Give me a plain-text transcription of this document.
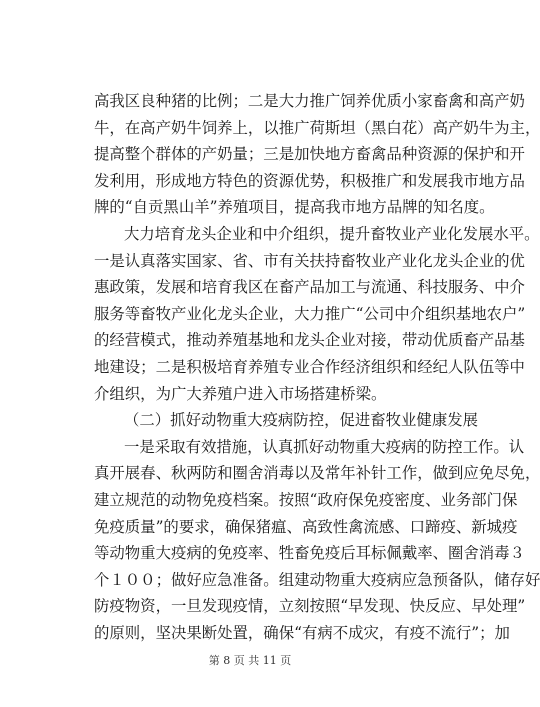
高我区良种猪的比例；二是大力推广饲养优质小家畜禽和高产奶
牛，在高产奶牛饲养上，以推广荷斯坦（黑白花）高产奶牛为主，
提高整个群体的产奶量；三是加快地方畜禽品种资源的保护和开
发利用，形成地方特色的资源优势，积极推广和发展我市地方品
牌的“自贡黑山羊”养殖项目，提高我市地方品牌的知名度。
大力培育龙头企业和中介组织，提升畜牧业产业化发展水平。
一是认真落实国家、省、市有关扶持畜牧业产业化龙头企业的优
惠政策，发展和培育我区在畜产品加工与流通、科技服务、中介
服务等畜牧产业化龙头企业，大力推广“公司中介组织基地农户”
的经营模式，推动养殖基地和龙头企业对接，带动优质畜产品基
地建设；二是积极培育养殖专业合作经济组织和经纪人队伍等中
介组织，为广大养殖户进入市场搭建桥梁。
（二）抓好动物重大疫病防控，促进畜牧业健康发展
一是采取有效措施，认真抓好动物重大疫病的防控工作。认
真开展春、秋两防和圈舍消毒以及常年补针工作，做到应免尽免，
建立规范的动物免疫档案。按照“政府保免疫密度、业务部门保
免疫质量”的要求，确保猪瘟、高致性禽流感、口蹄疫、新城疫
等动物重大疫病的免疫率、牲畜免疫后耳标佩戴率、圈舍消毒３
个１００；做好应急准备。组建动物重大疫病应急预备队，储存好
防疫物资，一旦发现疫情，立刻按照“早发现、快反应、早处理”
的原则，坚决果断处置，确保“有病不成灾，有疫不流行”；加
第 8 页 共 11 页
